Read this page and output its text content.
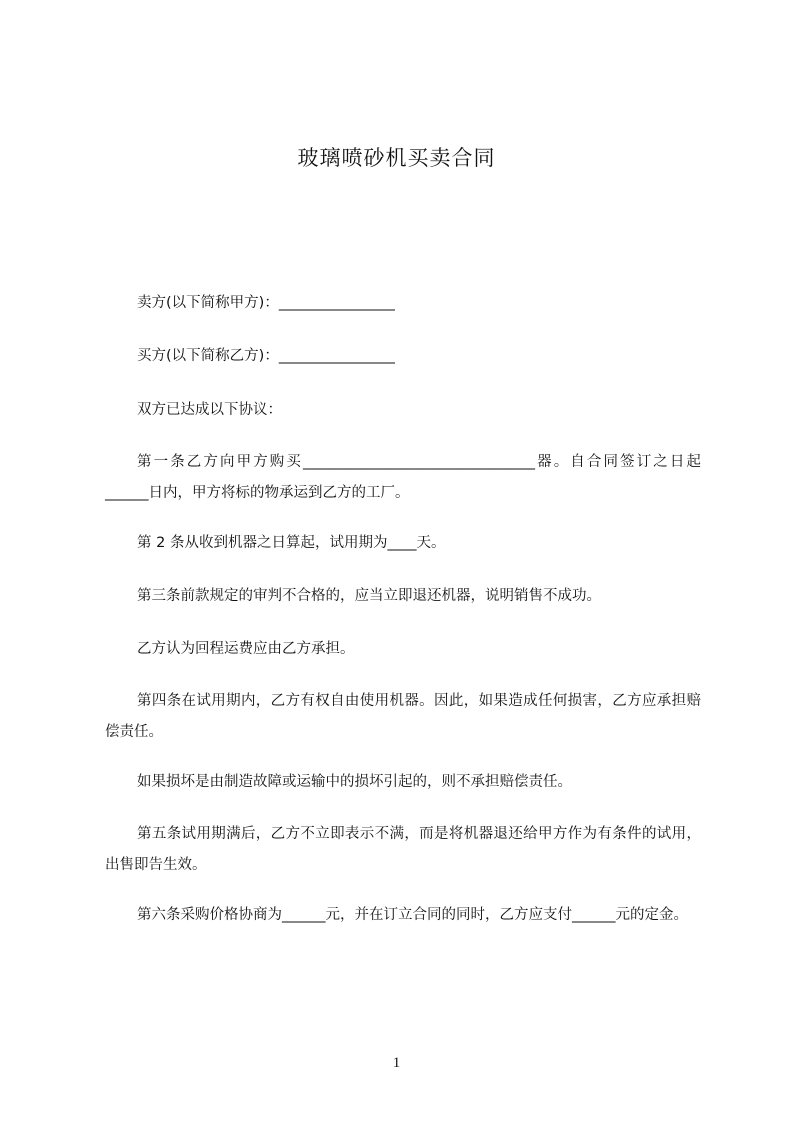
玻璃喷砂机买卖合同

卖方(以下简称甲方)：________________

买方(以下简称乙方)：________________

双方已达成以下协议：

第一条乙方向甲方购买________________________________器。自合同签订之日起______日内，甲方将标的物承运到乙方的工厂。

第 2 条从收到机器之日算起，试用期为____天。

第三条前款规定的审判不合格的，应当立即退还机器，说明销售不成功。

乙方认为回程运费应由乙方承担。

第四条在试用期内，乙方有权自由使用机器。因此，如果造成任何损害，乙方应承担赔偿责任。

如果损坏是由制造故障或运输中的损坏引起的，则不承担赔偿责任。

第五条试用期满后，乙方不立即表示不满，而是将机器退还给甲方作为有条件的试用，出售即告生效。

第六条采购价格协商为______元，并在订立合同的同时，乙方应支付______元的定金。

1
